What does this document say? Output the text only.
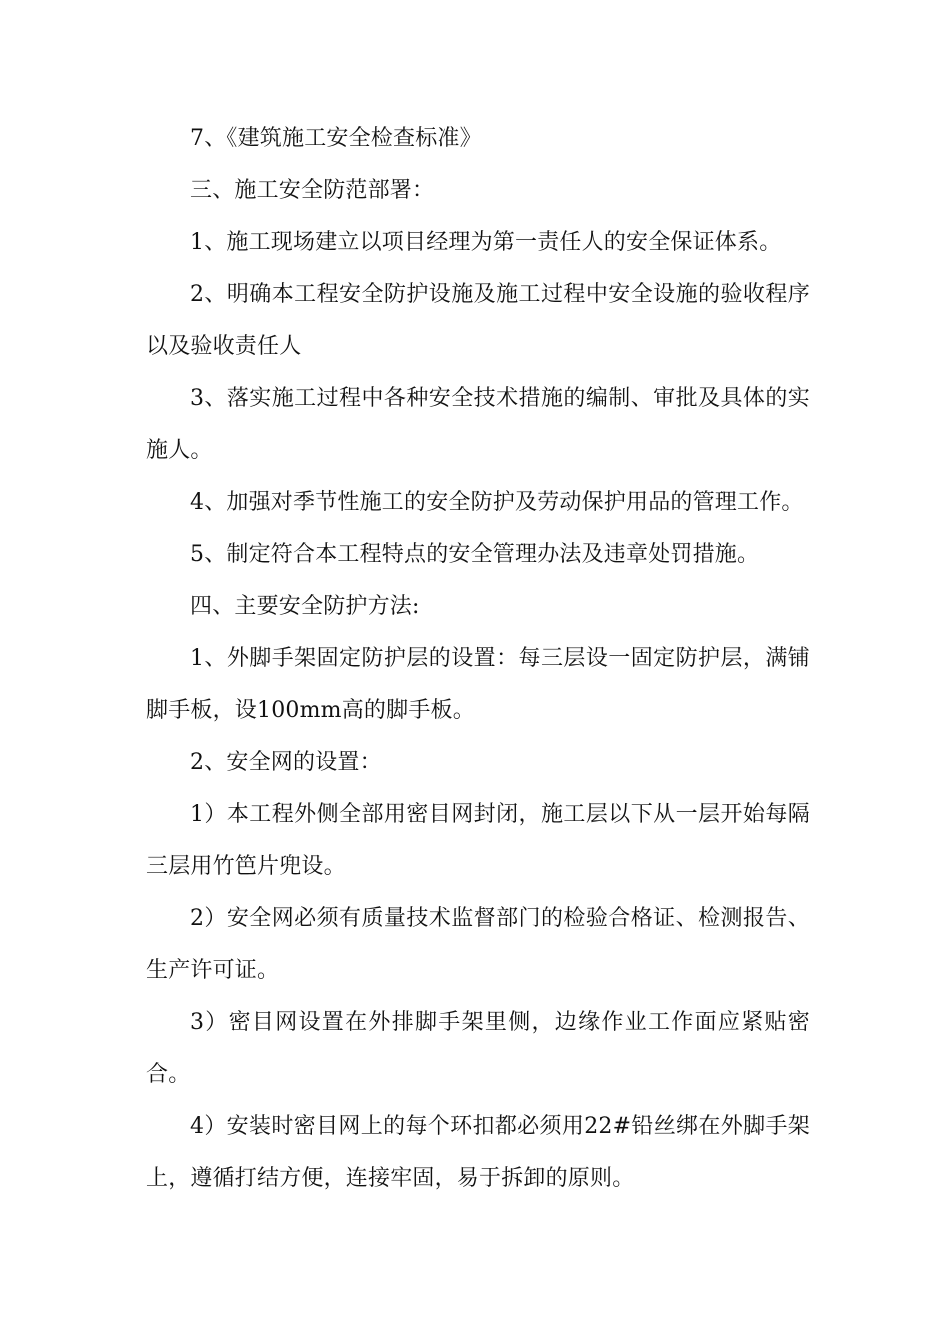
7、《建筑施工安全检查标准》

三、施工安全防范部署：

1、施工现场建立以项目经理为第一责任人的安全保证体系。

2、明确本工程安全防护设施及施工过程中安全设施的验收程序以及验收责任人

3、落实施工过程中各种安全技术措施的编制、审批及具体的实施人。

4、加强对季节性施工的安全防护及劳动保护用品的管理工作。

5、制定符合本工程特点的安全管理办法及违章处罚措施。

四、主要安全防护方法:

1、外脚手架固定防护层的设置：每三层设一固定防护层，满铺脚手板，设100mm高的脚手板。

2、安全网的设置：

1）本工程外侧全部用密目网封闭，施工层以下从一层开始每隔三层用竹笆片兜设。

2）安全网必须有质量技术监督部门的检验合格证、检测报告、生产许可证。

3）密目网设置在外排脚手架里侧，边缘作业工作面应紧贴密合。

4）安装时密目网上的每个环扣都必须用22#铅丝绑在外脚手架上，遵循打结方便，连接牢固，易于拆卸的原则。
